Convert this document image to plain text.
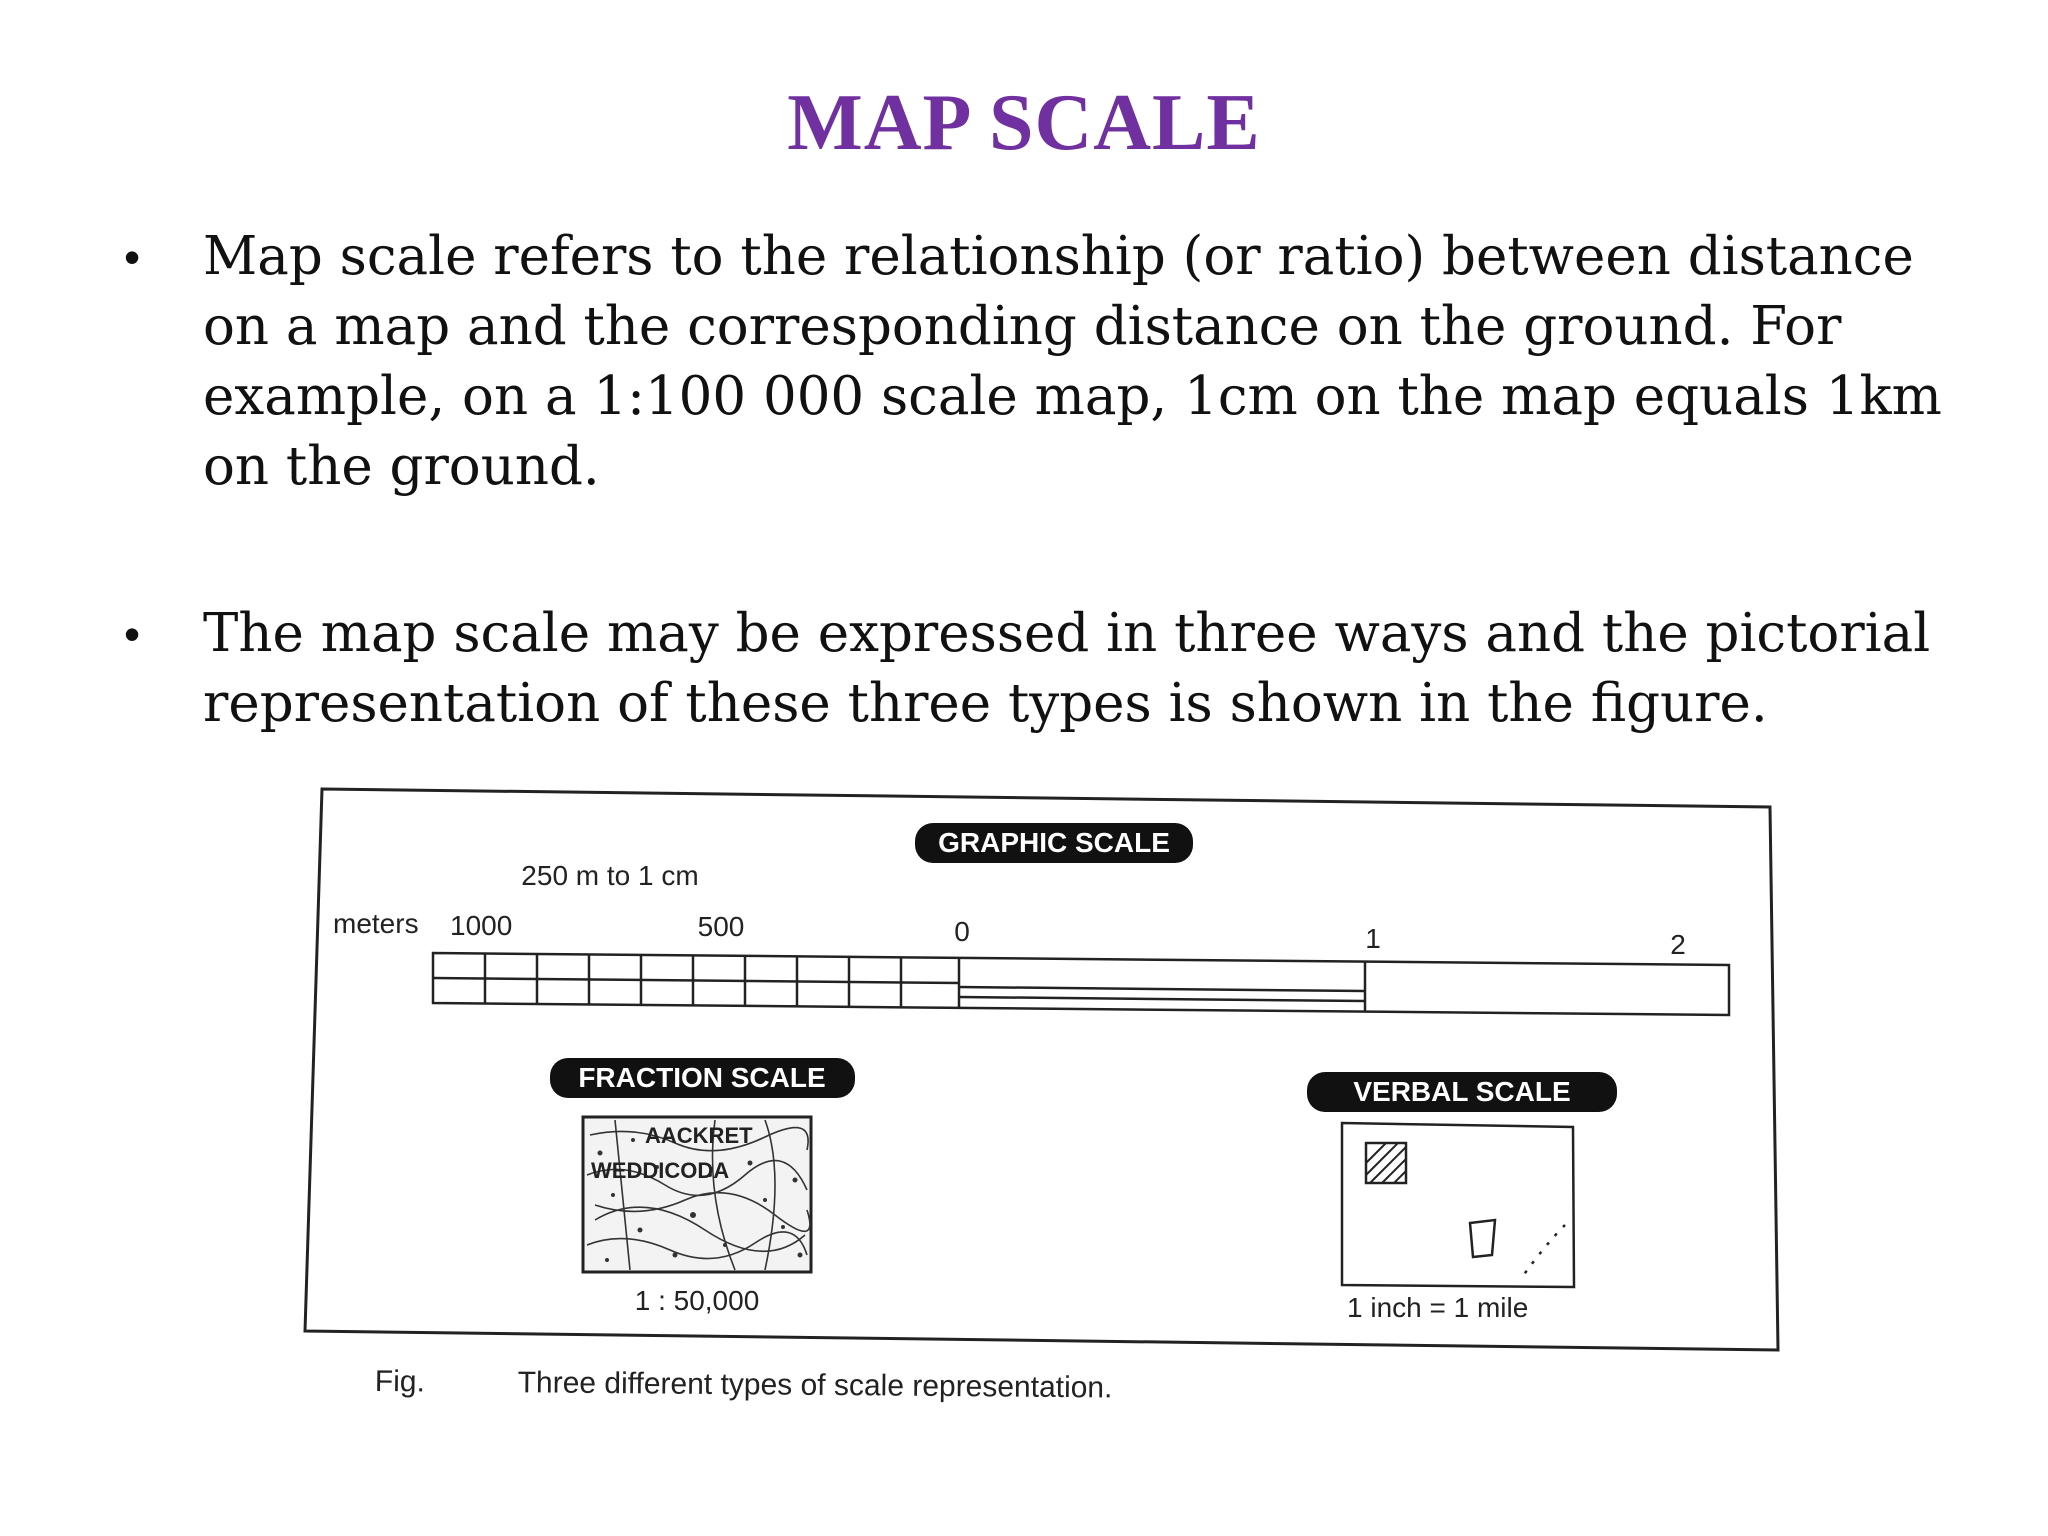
MAP SCALE
• Map scale refers to the relationship (or ratio) between distance on a map and the corresponding distance on the ground. For example, on a 1:100 000 scale map, 1cm on the map equals 1km on the ground.
• The map scale may be expressed in three ways and the pictorial representation of these three types is shown in the figure.
GRAPHIC SCALE
250 m to 1 cm
meters 1000	500	0	1	2
FRACTION SCALE
AACKRET
WEDDICODA
1 : 50,000
VERBAL SCALE
1 inch = 1 mile
Fig.	Three different types of scale representation.
